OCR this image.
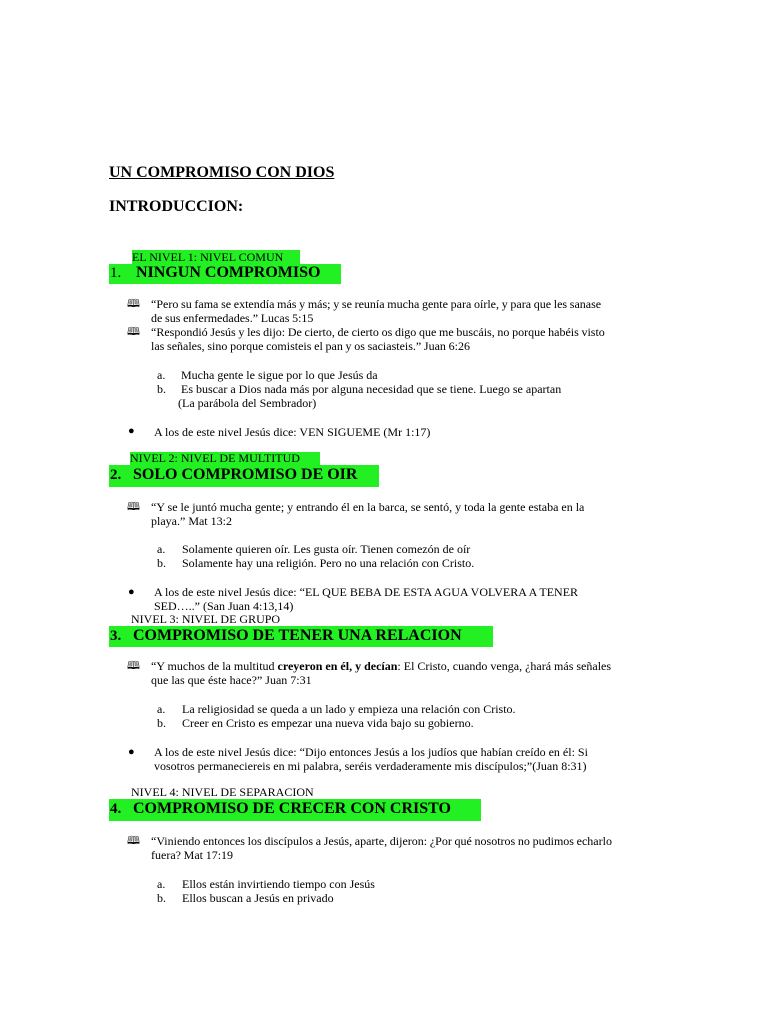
UN COMPROMISO CON DIOS
INTRODUCCION:
EL NIVEL 1: NIVEL COMUN
1. NINGUN COMPROMISO
🕮 “Pero su fama se extendía más y más; y se reunía mucha gente para oírle, y para que les sanase
de sus enfermedades.” Lucas 5:15
🕮 “Respondió Jesús y les dijo: De cierto, de cierto os digo que me buscáis, no porque habéis visto
las señales, sino porque comisteis el pan y os saciasteis.” Juan 6:26
a. Mucha gente le sigue por lo que Jesús da
b. Es buscar a Dios nada más por alguna necesidad que se tiene. Luego se apartan
(La parábola del Sembrador)
● A los de este nivel Jesús dice: VEN SIGUEME (Mr 1:17)
NIVEL 2: NIVEL DE MULTITUD
2. SOLO COMPROMISO DE OIR
🕮 “Y se le juntó mucha gente; y entrando él en la barca, se sentó, y toda la gente estaba en la
playa.” Mat 13:2
a. Solamente quieren oír. Les gusta oír. Tienen comezón de oír
b. Solamente hay una religión. Pero no una relación con Cristo.
● A los de este nivel Jesús dice: “EL QUE BEBA DE ESTA AGUA VOLVERA A TENER
SED…..” (San Juan 4:13,14)
NIVEL 3: NIVEL DE GRUPO
3. COMPROMISO DE TENER UNA RELACION
🕮 “Y muchos de la multitud creyeron en él, y decían: El Cristo, cuando venga, ¿hará más señales
que las que éste hace?” Juan 7:31
a. La religiosidad se queda a un lado y empieza una relación con Cristo.
b. Creer en Cristo es empezar una nueva vida bajo su gobierno.
● A los de este nivel Jesús dice: “Dijo entonces Jesús a los judíos que habían creído en él: Si
vosotros permaneciereis en mi palabra, seréis verdaderamente mis discípulos;”(Juan 8:31)
NIVEL 4: NIVEL DE SEPARACION
4. COMPROMISO DE CRECER CON CRISTO
🕮 “Viniendo entonces los discípulos a Jesús, aparte, dijeron: ¿Por qué nosotros no pudimos echarlo
fuera? Mat 17:19
a. Ellos están invirtiendo tiempo con Jesús
b. Ellos buscan a Jesús en privado
